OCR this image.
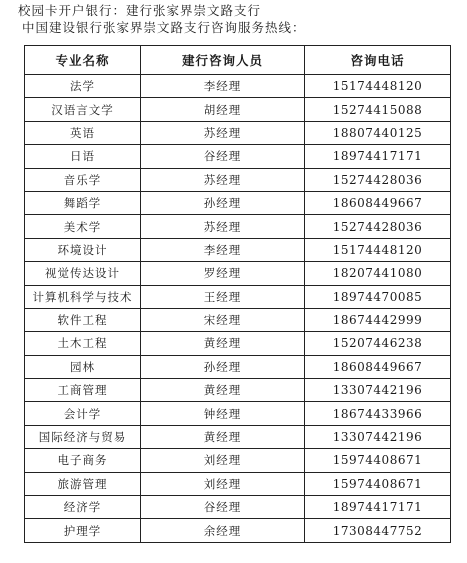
校园卡开户银行：建行张家界崇文路支行
中国建设银行张家界崇文路支行咨询服务热线：
专业名称	建行咨询人员	咨询电话
法学	李经理	15174448120
汉语言文学	胡经理	15274415088
英语	苏经理	18807440125
日语	谷经理	18974417171
音乐学	苏经理	15274428036
舞蹈学	孙经理	18608449667
美术学	苏经理	15274428036
环境设计	李经理	15174448120
视觉传达设计	罗经理	18207441080
计算机科学与技术	王经理	18974470085
软件工程	宋经理	18674442999
土木工程	黄经理	15207446238
园林	孙经理	18608449667
工商管理	黄经理	13307442196
会计学	钟经理	18674433966
国际经济与贸易	黄经理	13307442196
电子商务	刘经理	15974408671
旅游管理	刘经理	15974408671
经济学	谷经理	18974417171
护理学	余经理	17308447752
